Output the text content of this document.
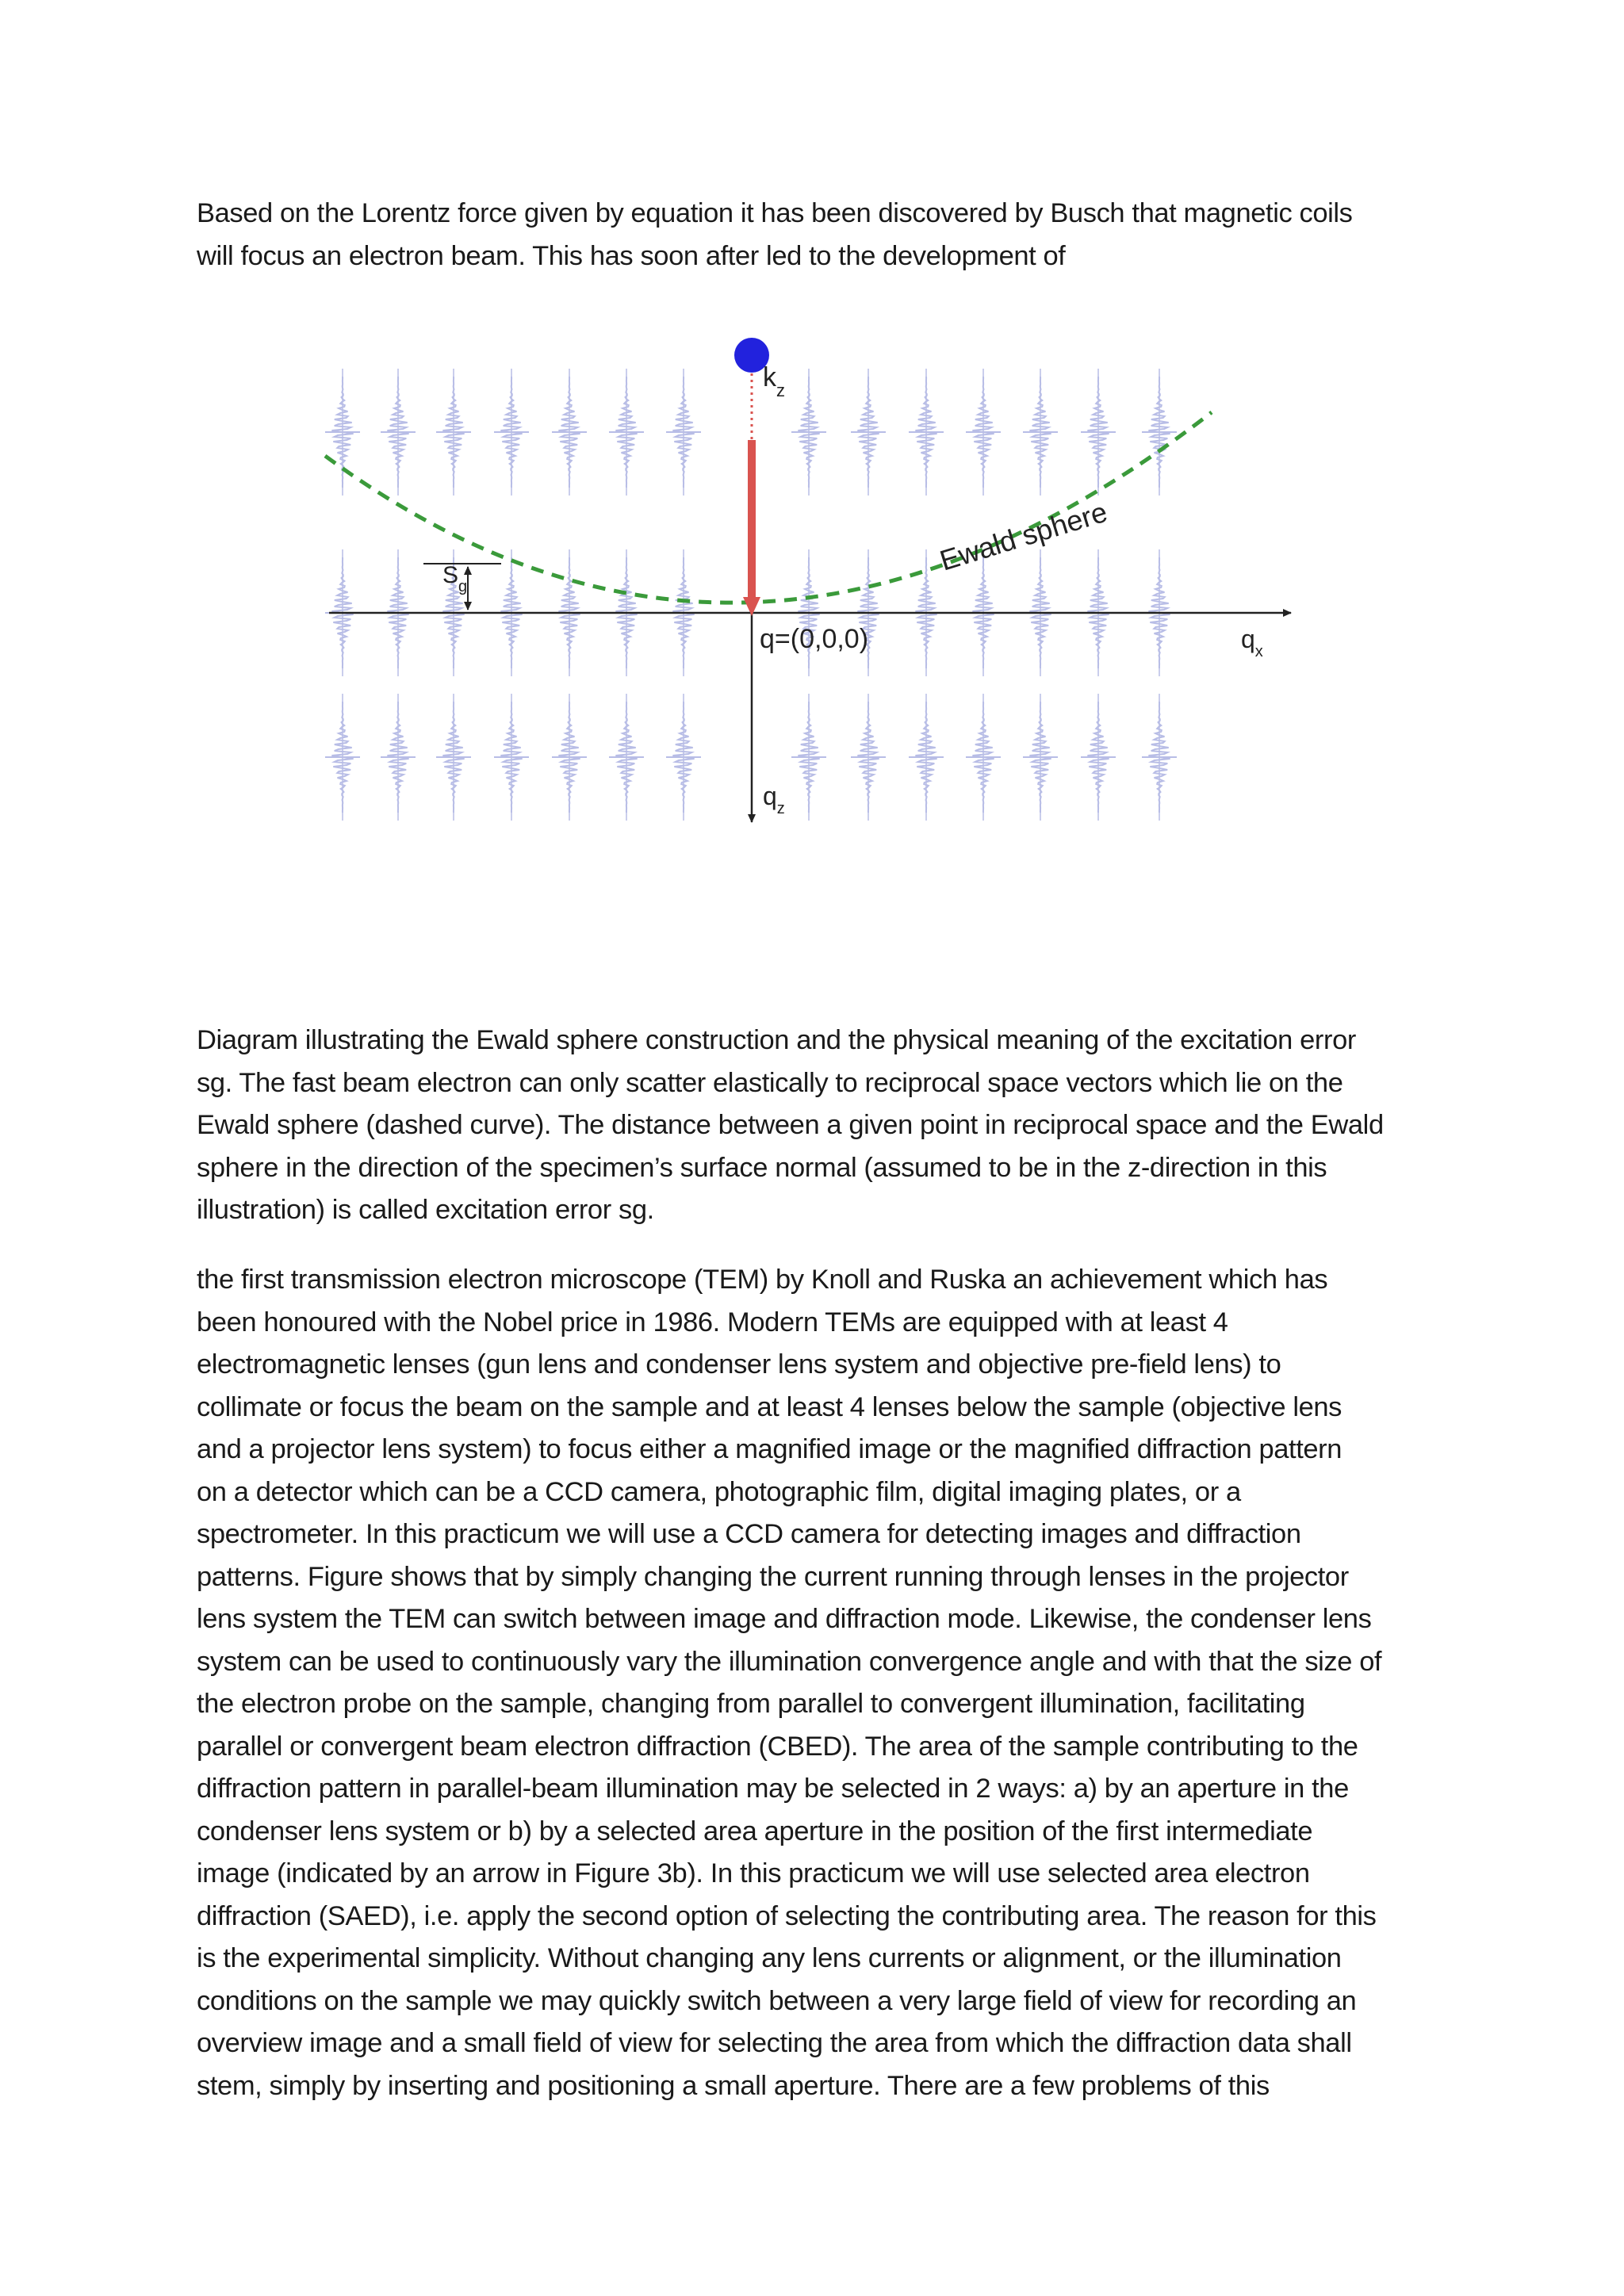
Based on the Lorentz force given by equation it has been discovered by Busch that magnetic coils
will focus an electron beam. This has soon after led to the development of

$k_z$
$S_g$
q=(0,0,0)	$q_x$
$q_z$
Ewald sphere

Diagram illustrating the Ewald sphere construction and the physical meaning of the excitation error
sg. The fast beam electron can only scatter elastically to reciprocal space vectors which lie on the
Ewald sphere (dashed curve). The distance between a given point in reciprocal space and the Ewald
sphere in the direction of the specimen’s surface normal (assumed to be in the z-direction in this
illustration) is called excitation error sg.

the first transmission electron microscope (TEM) by Knoll and Ruska an achievement which has
been honoured with the Nobel price in 1986. Modern TEMs are equipped with at least 4
electromagnetic lenses (gun lens and condenser lens system and objective pre-field lens) to
collimate or focus the beam on the sample and at least 4 lenses below the sample (objective lens
and a projector lens system) to focus either a magnified image or the magnified diffraction pattern
on a detector which can be a CCD camera, photographic film, digital imaging plates, or a
spectrometer. In this practicum we will use a CCD camera for detecting images and diffraction
patterns. Figure shows that by simply changing the current running through lenses in the projector
lens system the TEM can switch between image and diffraction mode. Likewise, the condenser lens
system can be used to continuously vary the illumination convergence angle and with that the size of
the electron probe on the sample, changing from parallel to convergent illumination, facilitating
parallel or convergent beam electron diffraction (CBED). The area of the sample contributing to the
diffraction pattern in parallel-beam illumination may be selected in 2 ways: a) by an aperture in the
condenser lens system or b) by a selected area aperture in the position of the first intermediate
image (indicated by an arrow in Figure 3b). In this practicum we will use selected area electron
diffraction (SAED), i.e. apply the second option of selecting the contributing area. The reason for this
is the experimental simplicity. Without changing any lens currents or alignment, or the illumination
conditions on the sample we may quickly switch between a very large field of view for recording an
overview image and a small field of view for selecting the area from which the diffraction data shall
stem, simply by inserting and positioning a small aperture. There are a few problems of this
